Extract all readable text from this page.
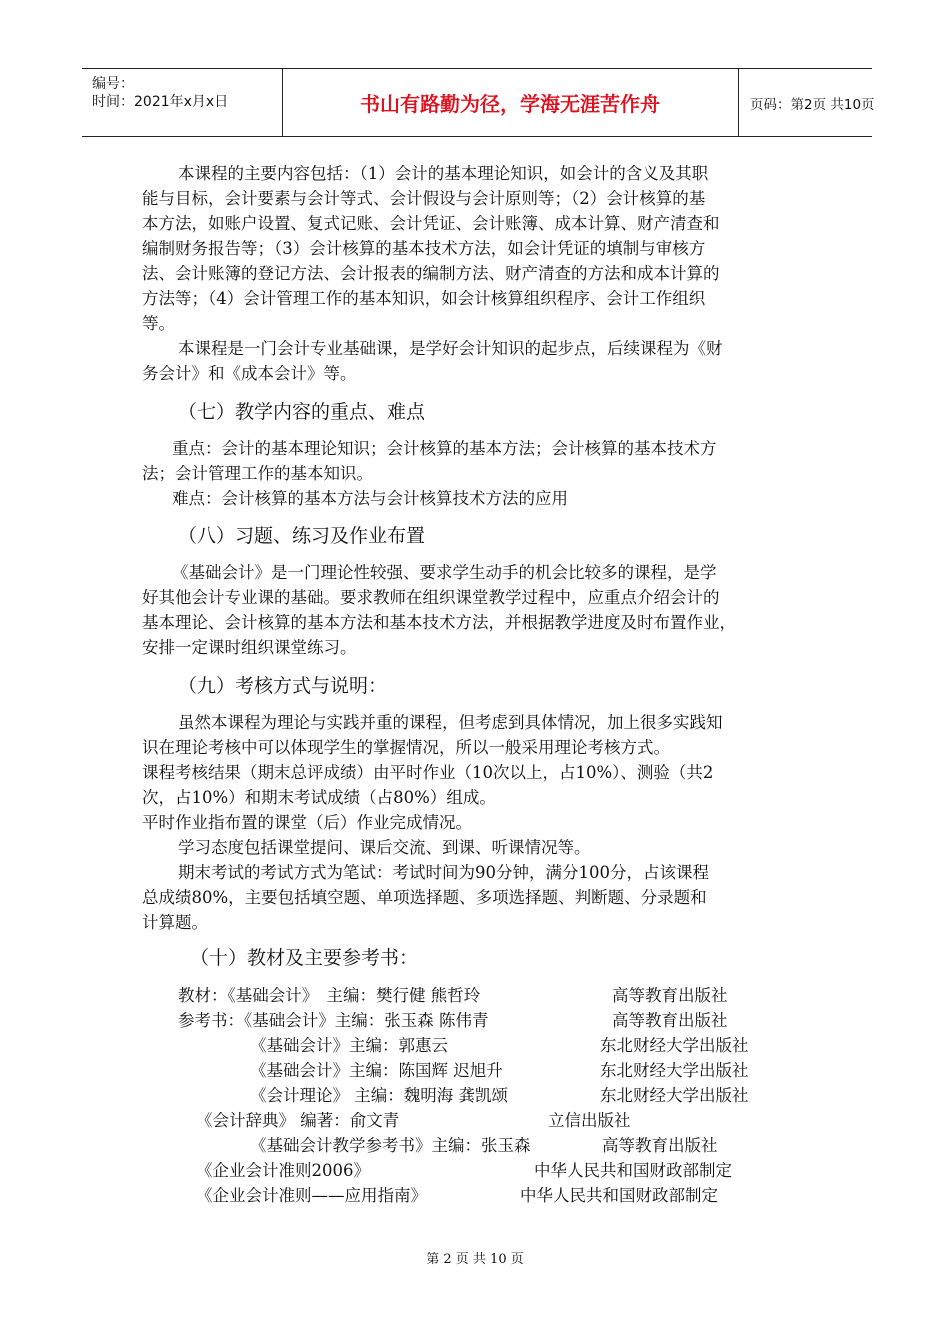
编号：
时间：2021年x月x日	书山有路勤为径，学海无涯苦作舟	页码：第2页 共10页
本课程的主要内容包括：（1）会计的基本理论知识，如会计的含义及其职
能与目标，会计要素与会计等式、会计假设与会计原则等；（2）会计核算的基
本方法，如账户设置、复式记账、会计凭证、会计账簿、成本计算、财产清查和
编制财务报告等；（3）会计核算的基本技术方法，如会计凭证的填制与审核方
法、会计账簿的登记方法、会计报表的编制方法、财产清查的方法和成本计算的
方法等；（4）会计管理工作的基本知识，如会计核算组织程序、会计工作组织
等。
本课程是一门会计专业基础课，是学好会计知识的起步点，后续课程为《财
务会计》和《成本会计》等。
（七）教学内容的重点、难点
重点：会计的基本理论知识；会计核算的基本方法；会计核算的基本技术方
法；会计管理工作的基本知识。
难点：会计核算的基本方法与会计核算技术方法的应用
（八）习题、练习及作业布置
《基础会计》是一门理论性较强、要求学生动手的机会比较多的课程，是学
好其他会计专业课的基础。要求教师在组织课堂教学过程中，应重点介绍会计的
基本理论、会计核算的基本方法和基本技术方法，并根据教学进度及时布置作业，
安排一定课时组织课堂练习。
（九）考核方式与说明：
虽然本课程为理论与实践并重的课程，但考虑到具体情况，加上很多实践知
识在理论考核中可以体现学生的掌握情况，所以一般采用理论考核方式。
课程考核结果（期末总评成绩）由平时作业（10次以上，占10%）、测验（共2
次，占10%）和期末考试成绩（占80%）组成。
平时作业指布置的课堂（后）作业完成情况。
学习态度包括课堂提问、课后交流、到课、听课情况等。
期末考试的考试方式为笔试：考试时间为90分钟，满分100分，占该课程
总成绩80%，主要包括填空题、单项选择题、多项选择题、判断题、分录题和
计算题。
（十）教材及主要参考书：
教材：《基础会计》　主编：樊行健 熊哲玲	高等教育出版社
参考书：《基础会计》主编：张玉森 陈伟青	高等教育出版社
《基础会计》主编：郭惠云	东北财经大学出版社
《基础会计》主编：陈国辉 迟旭升	东北财经大学出版社
《会计理论》 主编：魏明海 龚凯颂	东北财经大学出版社
《会计辞典》 编著：俞文青	立信出版社
《基础会计教学参考书》主编：张玉森	高等教育出版社
《企业会计准则2006》	中华人民共和国财政部制定
《企业会计准则——应用指南》	中华人民共和国财政部制定
第 2 页 共 10 页
